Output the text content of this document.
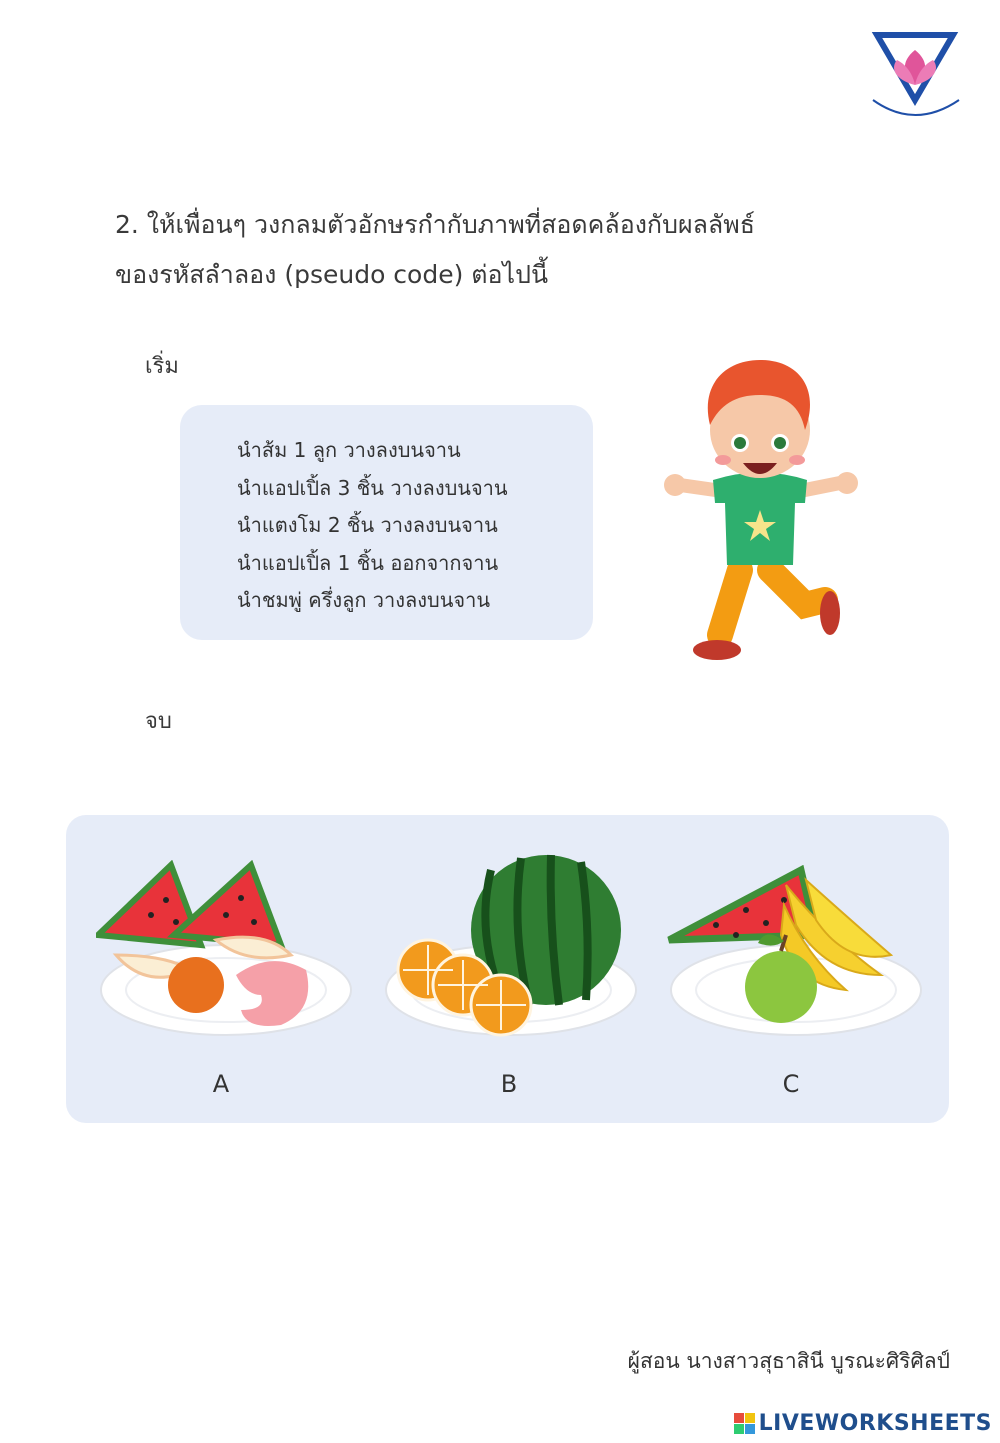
2. ให้เพื่อนๆ วงกลมตัวอักษรกำกับภาพที่สอดคล้องกับผลลัพธ์
ของรหัสลำลอง (pseudo code) ต่อไปนี้
เริ่ม
นำส้ม 1 ลูก วางลงบนจาน
นำแอปเปิ้ล 3 ชิ้น วางลงบนจาน
นำแตงโม 2 ชิ้น วางลงบนจาน
นำแอปเปิ้ล 1 ชิ้น ออกจากจาน
นำชมพู่ ครึ่งลูก วางลงบนจาน
จบ
A	B	C
ผู้สอน นางสาวสุธาสินี บูรณะศิริศิลป์
LIVEWORKSHEETS
